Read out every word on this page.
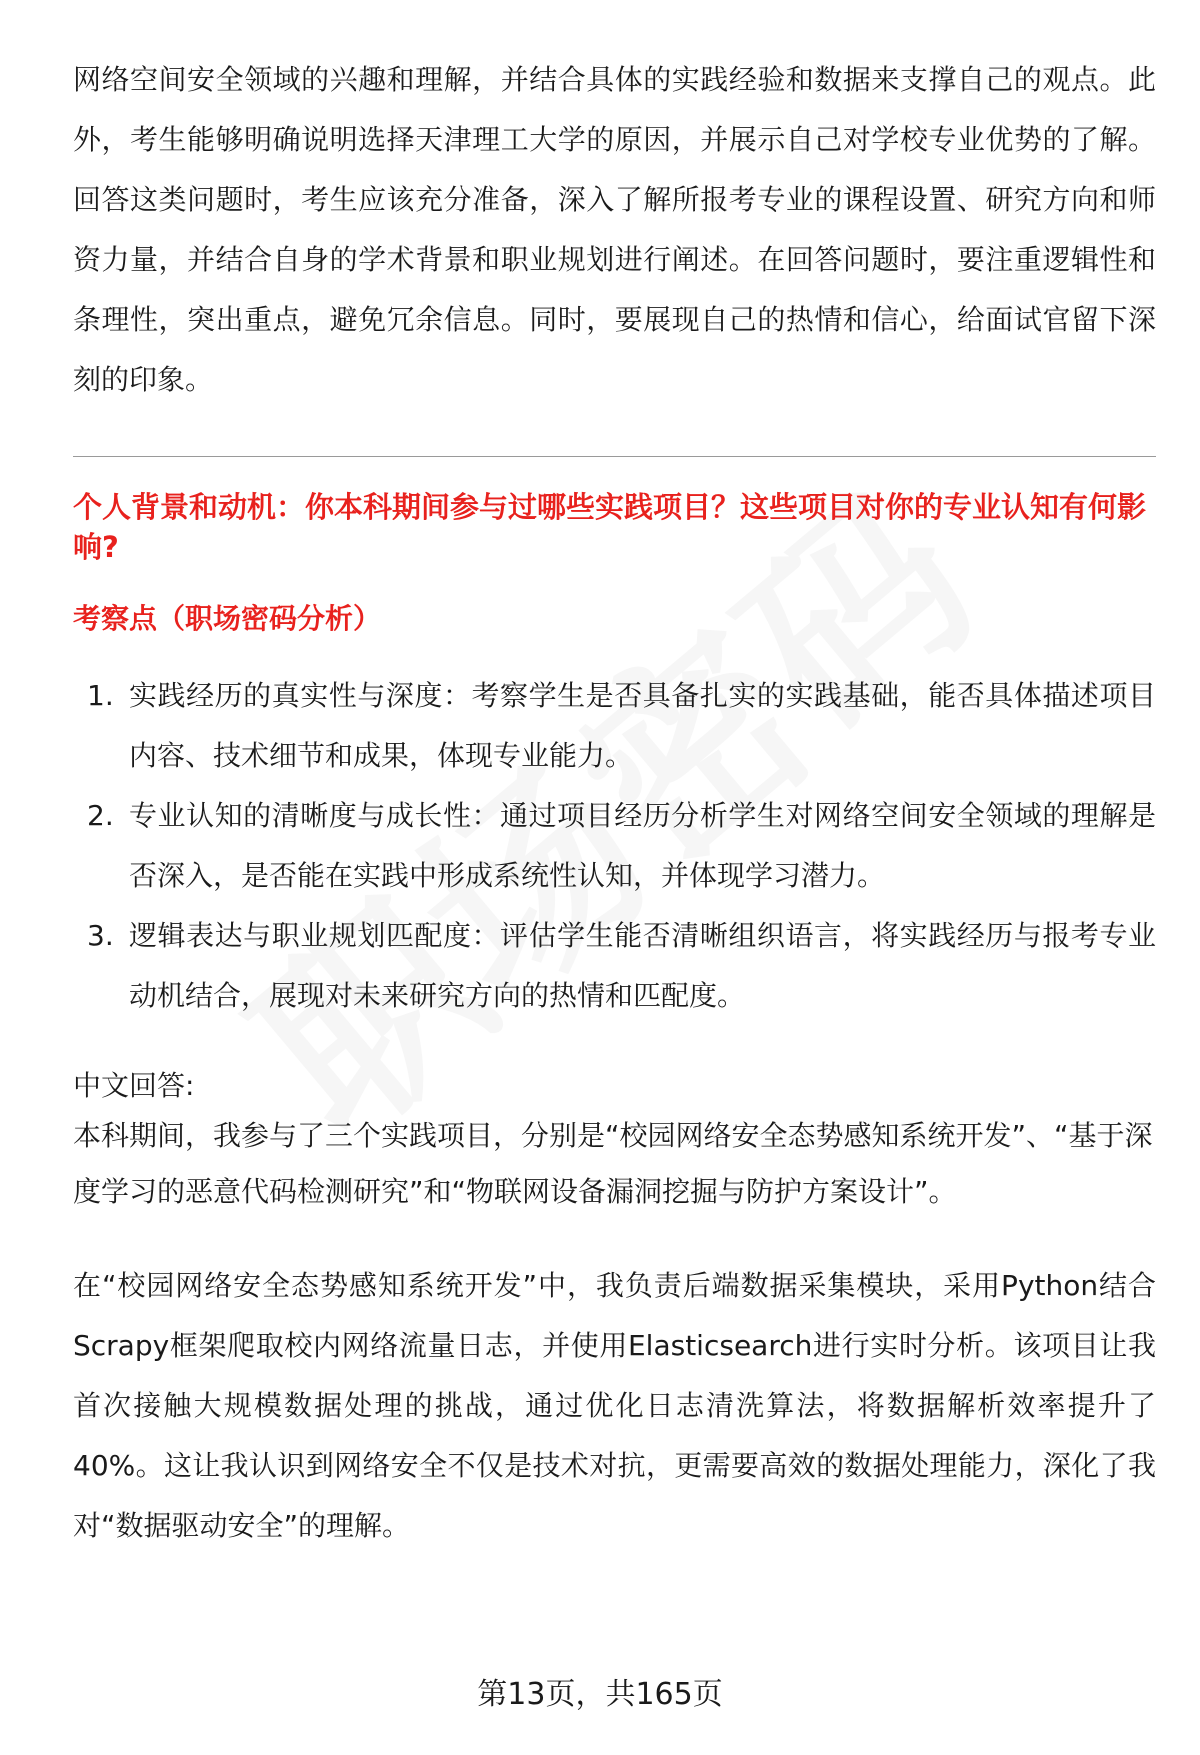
网络空间安全领域的兴趣和理解，并结合具体的实践经验和数据来支撑自己的观点。此外，考生能够明确说明选择天津理工大学的原因，并展示自己对学校专业优势的了解。回答这类问题时，考生应该充分准备，深入了解所报考专业的课程设置、研究方向和师资力量，并结合自身的学术背景和职业规划进行阐述。在回答问题时，要注重逻辑性和条理性，突出重点，避免冗余信息。同时，要展现自己的热情和信心，给面试官留下深刻的印象。

个人背景和动机：你本科期间参与过哪些实践项目？这些项目对你的专业认知有何影响?

考察点（职场密码分析）

1. 实践经历的真实性与深度：考察学生是否具备扎实的实践基础，能否具体描述项目内容、技术细节和成果，体现专业能力。
2. 专业认知的清晰度与成长性：通过项目经历分析学生对网络空间安全领域的理解是否深入，是否能在实践中形成系统性认知，并体现学习潜力。
3. 逻辑表达与职业规划匹配度：评估学生能否清晰组织语言，将实践经历与报考专业动机结合，展现对未来研究方向的热情和匹配度。

中文回答:

本科期间，我参与了三个实践项目，分别是“校园网络安全态势感知系统开发”、“基于深度学习的恶意代码检测研究”和“物联网设备漏洞挖掘与防护方案设计”。

在“校园网络安全态势感知系统开发”中，我负责后端数据采集模块，采用Python结合Scrapy框架爬取校内网络流量日志，并使用Elasticsearch进行实时分析。该项目让我首次接触大规模数据处理的挑战，通过优化日志清洗算法，将数据解析效率提升了40%。这让我认识到网络安全不仅是技术对抗，更需要高效的数据处理能力，深化了我对“数据驱动安全”的理解。

第13页，共165页
